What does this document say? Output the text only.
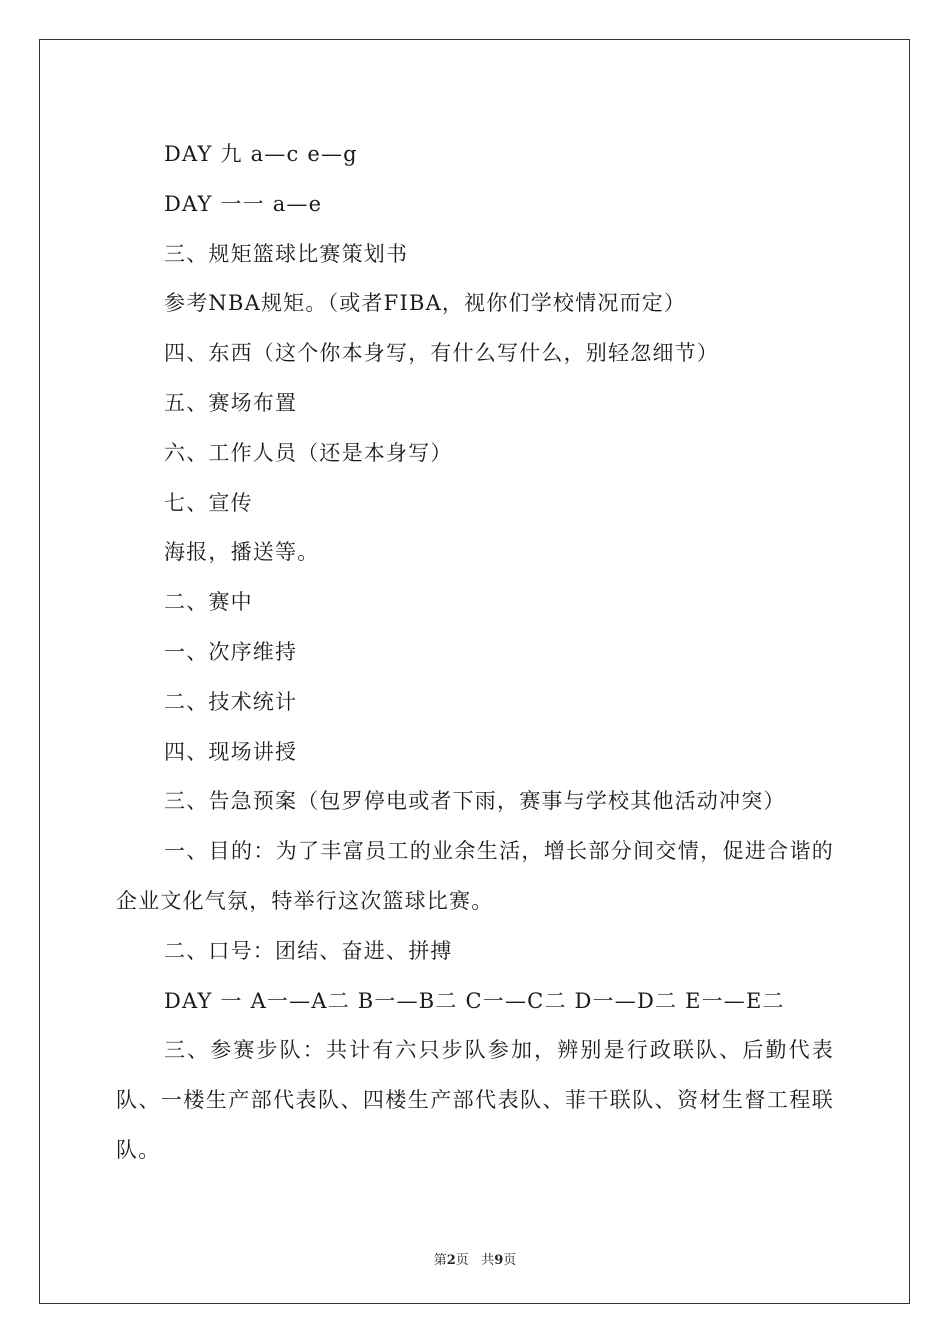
DAY 九 a—c e—g

DAY 一一 a—e

三、规矩篮球比赛策划书

参考NBA规矩。（或者FIBA，视你们学校情况而定）

四、东西（这个你本身写，有什么写什么，别轻忽细节）

五、赛场布置

六、工作人员（还是本身写）

七、宣传

海报，播送等。

二、赛中

一、次序维持

二、技术统计

四、现场讲授

三、告急预案（包罗停电或者下雨，赛事与学校其他活动冲突）

一、目的：为了丰富员工的业余生活，增长部分间交情，促进合谐的企业文化气氛，特举行这次篮球比赛。

二、口号：团结、奋进、拼搏

DAY 一 A一—A二 B一—B二 C一—C二 D一—D二 E一—E二

三、参赛步队：共计有六只步队参加，辨别是行政联队、后勤代表队、一楼生产部代表队、四楼生产部代表队、菲干联队、资材生督工程联队。

第2页   共9页
